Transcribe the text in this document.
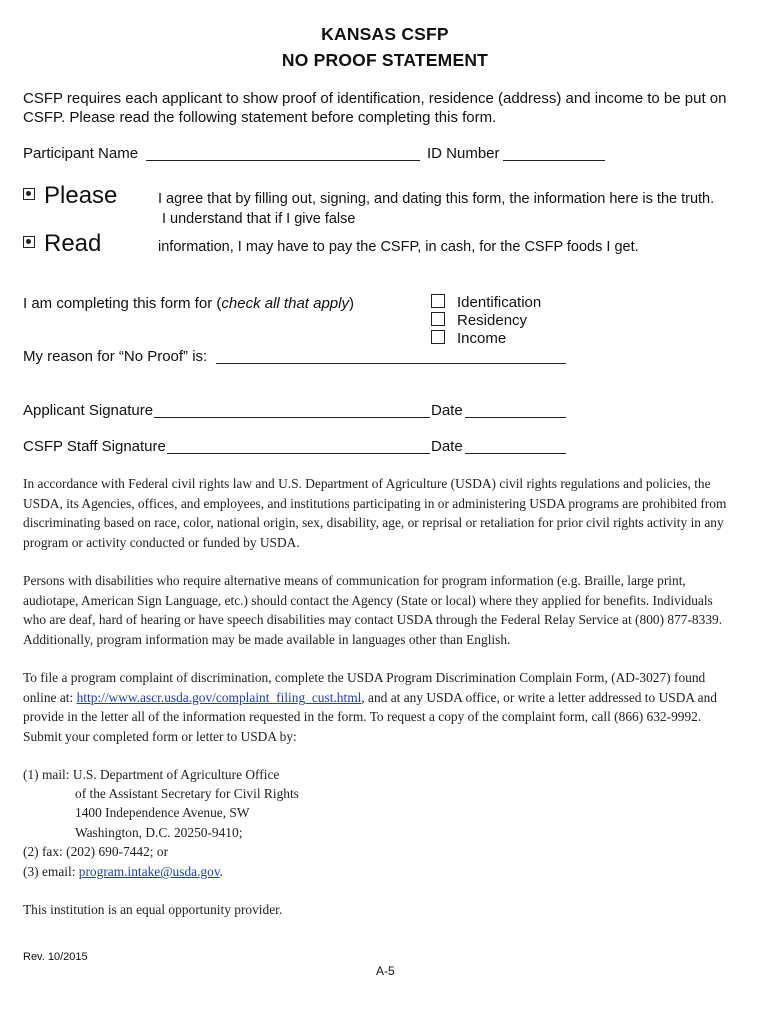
KANSAS CSFP
NO PROOF STATEMENT
CSFP requires each applicant to show proof of identification, residence (address) and income to be put on
CSFP. Please read the following statement before completing this form.
Participant Name	ID Number
Please	I agree that by filling out, signing, and dating this form, the information here is the truth.
I understand that if I give false
Read	information, I may have to pay the CSFP, in cash, for the CSFP foods I get.
I am completing this form for (check all that apply)	Identification
Residency
Income
My reason for “No Proof” is:
Applicant Signature	Date
CSFP Staff Signature	Date
In accordance with Federal civil rights law and U.S. Department of Agriculture (USDA) civil rights regulations and policies, the
USDA, its Agencies, offices, and employees, and institutions participating in or administering USDA programs are prohibited from
discriminating based on race, color, national origin, sex, disability, age, or reprisal or retaliation for prior civil rights activity in any
program or activity conducted or funded by USDA.
Persons with disabilities who require alternative means of communication for program information (e.g. Braille, large print,
audiotape, American Sign Language, etc.) should contact the Agency (State or local) where they applied for benefits. Individuals
who are deaf, hard of hearing or have speech disabilities may contact USDA through the Federal Relay Service at (800) 877-8339.
Additionally, program information may be made available in languages other than English.
To file a program complaint of discrimination, complete the USDA Program Discrimination Complain Form, (AD-3027) found
online at: http://www.ascr.usda.gov/complaint_filing_cust.html, and at any USDA office, or write a letter addressed to USDA and
provide in the letter all of the information requested in the form. To request a copy of the complaint form, call (866) 632-9992.
Submit your completed form or letter to USDA by:
(1) mail: U.S. Department of Agriculture Office
of the Assistant Secretary for Civil Rights
1400 Independence Avenue, SW
Washington, D.C. 20250-9410;
(2) fax: (202) 690-7442; or
(3) email: program.intake@usda.gov.
This institution is an equal opportunity provider.
Rev. 10/2015
A-5
